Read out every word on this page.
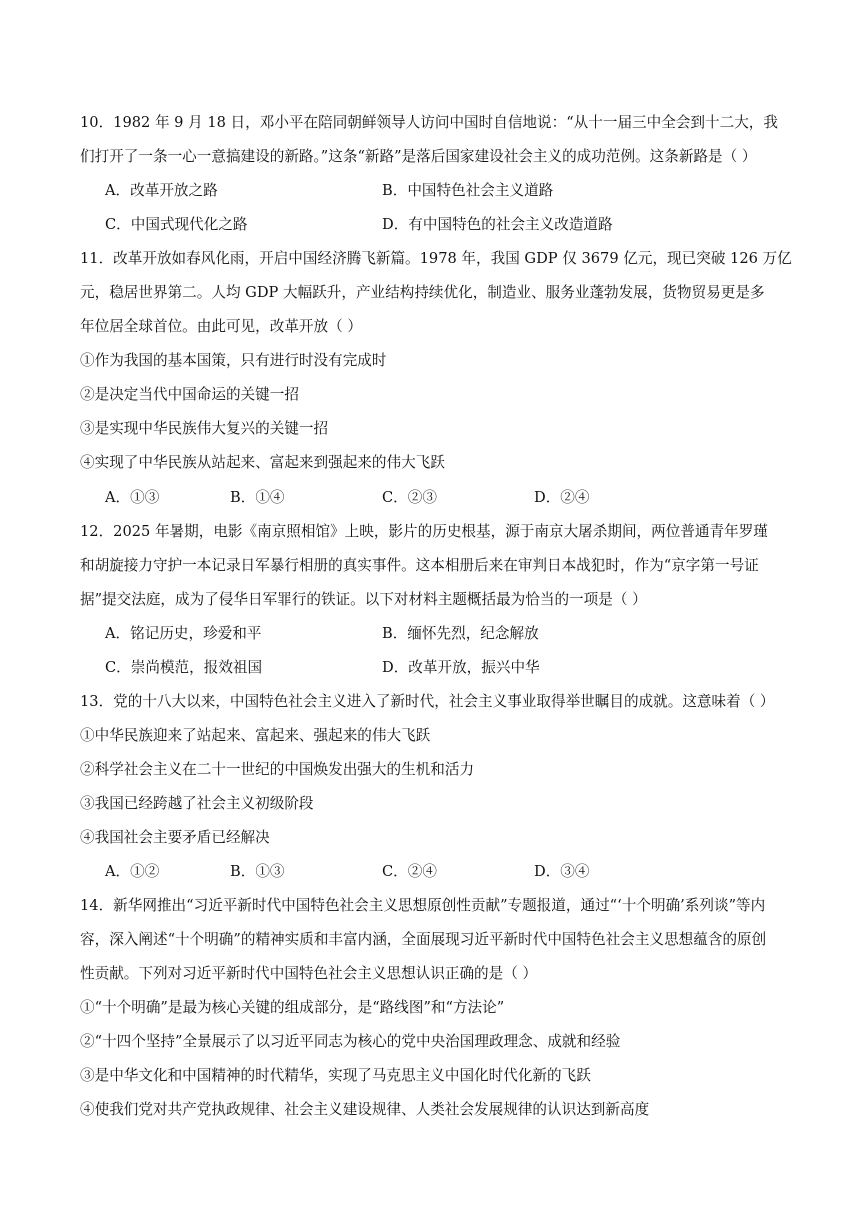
10．1982 年 9 月 18 日，邓小平在陪同朝鲜领导人访问中国时自信地说：“从十一届三中全会到十二大，我
们打开了一条一心一意搞建设的新路。”这条“新路”是落后国家建设社会主义的成功范例。这条新路是（ ）
A．改革开放之路	B．中国特色社会主义道路
C．中国式现代化之路	D．有中国特色的社会主义改造道路
11．改革开放如春风化雨，开启中国经济腾飞新篇。1978 年，我国 GDP 仅 3679 亿元，现已突破 126 万亿
元，稳居世界第二。人均 GDP 大幅跃升，产业结构持续优化，制造业、服务业蓬勃发展，货物贸易更是多
年位居全球首位。由此可见，改革开放（ ）
①作为我国的基本国策，只有进行时没有完成时
②是决定当代中国命运的关键一招
③是实现中华民族伟大复兴的关键一招
④实现了中华民族从站起来、富起来到强起来的伟大飞跃
A．①③	B．①④	C．②③	D．②④
12．2025 年暑期，电影《南京照相馆》上映，影片的历史根基，源于南京大屠杀期间，两位普通青年罗瑾
和胡旋接力守护一本记录日军暴行相册的真实事件。这本相册后来在审判日本战犯时，作为“京字第一号证
据”提交法庭，成为了侵华日军罪行的铁证。以下对材料主题概括最为恰当的一项是（ ）
A．铭记历史，珍爱和平	B．缅怀先烈，纪念解放
C．崇尚模范，报效祖国	D．改革开放，振兴中华
13．党的十八大以来，中国特色社会主义进入了新时代，社会主义事业取得举世瞩目的成就。这意味着（ ）
①中华民族迎来了站起来、富起来、强起来的伟大飞跃
②科学社会主义在二十一世纪的中国焕发出强大的生机和活力
③我国已经跨越了社会主义初级阶段
④我国社会主要矛盾已经解决
A．①②	B．①③	C．②④	D．③④
14．新华网推出“习近平新时代中国特色社会主义思想原创性贡献”专题报道，通过“‘十个明确’系列谈”等内
容，深入阐述“十个明确”的精神实质和丰富内涵，全面展现习近平新时代中国特色社会主义思想蕴含的原创
性贡献。下列对习近平新时代中国特色社会主义思想认识正确的是（ ）
①“十个明确”是最为核心关键的组成部分，是“路线图”和“方法论”
②“十四个坚持”全景展示了以习近平同志为核心的党中央治国理政理念、成就和经验
③是中华文化和中国精神的时代精华，实现了马克思主义中国化时代化新的飞跃
④使我们党对共产党执政规律、社会主义建设规律、人类社会发展规律的认识达到新高度
